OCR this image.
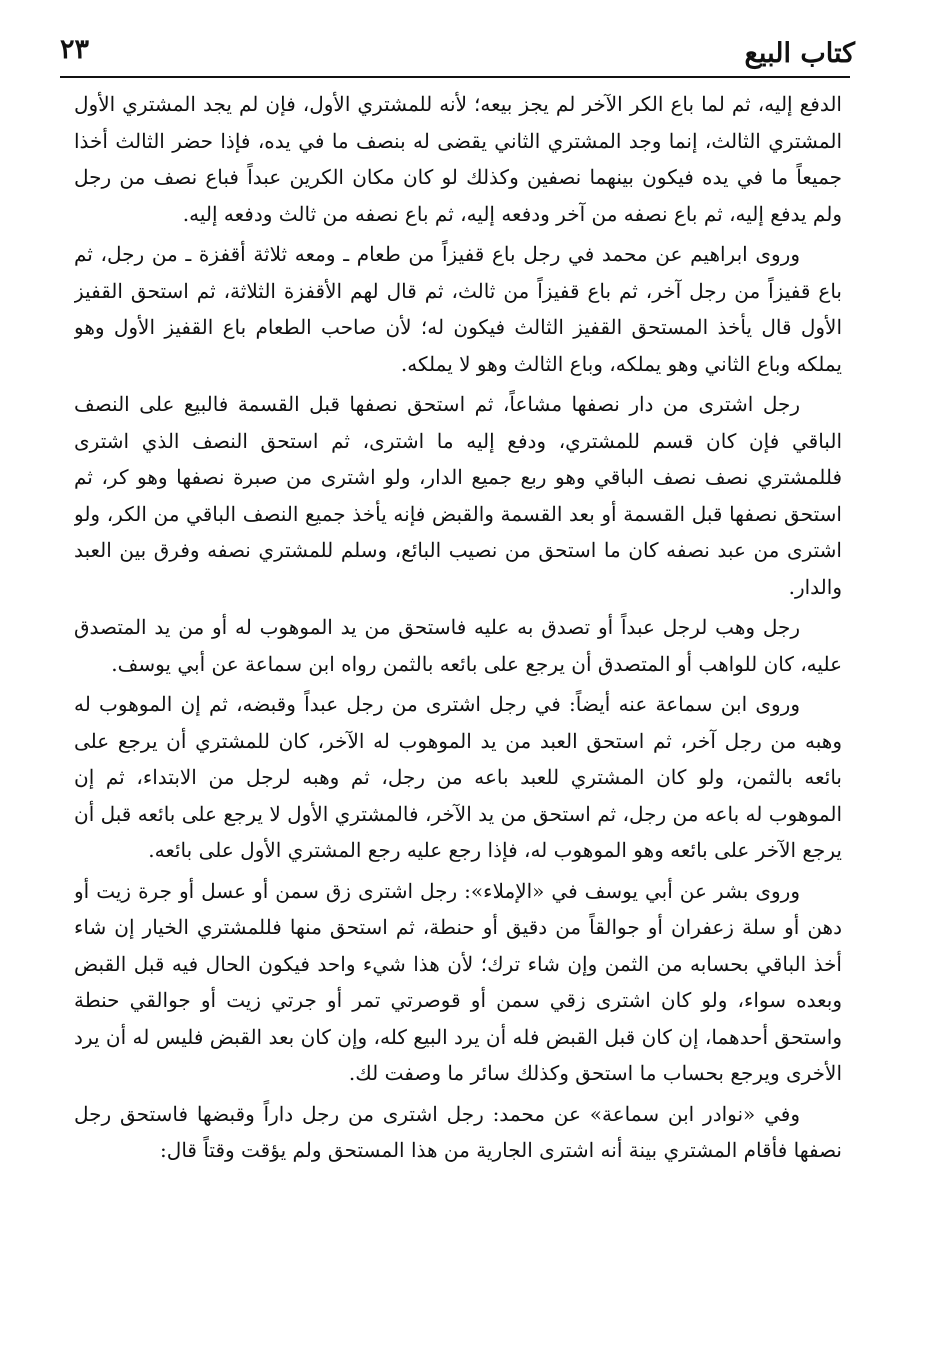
كتاب البيع
٢٣

الدفع إليه، ثم لما باع الكر الآخر لم يجز بيعه؛ لأنه للمشتري الأول، فإن لم يجد المشتري الأول المشتري الثالث، إنما وجد المشتري الثاني يقضى له بنصف ما في يده، فإذا حضر الثالث أخذا جميعاً ما في يده فيكون بينهما نصفين وكذلك لو كان مكان الكرين عبداً فباع نصف من رجل ولم يدفع إليه، ثم باع نصفه من آخر ودفعه إليه، ثم باع نصفه من ثالث ودفعه إليه.

وروى ابراهيم عن محمد في رجل باع قفيزاً من طعام ـ ومعه ثلاثة أقفزة ـ من رجل، ثم باع قفيزاً من رجل آخر، ثم باع قفيزاً من ثالث، ثم قال لهم الأقفزة الثلاثة، ثم استحق القفيز الأول قال يأخذ المستحق القفيز الثالث فيكون له؛ لأن صاحب الطعام باع القفيز الأول وهو يملكه وباع الثاني وهو يملكه، وباع الثالث وهو لا يملكه.

رجل اشترى من دار نصفها مشاعاً، ثم استحق نصفها قبل القسمة فالبيع على النصف الباقي فإن كان قسم للمشتري، ودفع إليه ما اشترى، ثم استحق النصف الذي اشترى فللمشتري نصف نصف الباقي وهو ربع جميع الدار، ولو اشترى من صبرة نصفها وهو كر، ثم استحق نصفها قبل القسمة أو بعد القسمة والقبض فإنه يأخذ جميع النصف الباقي من الكر، ولو اشترى من عبد نصفه كان ما استحق من نصيب البائع، وسلم للمشتري نصفه وفرق بين العبد والدار.

رجل وهب لرجل عبداً أو تصدق به عليه فاستحق من يد الموهوب له أو من يد المتصدق عليه، كان للواهب أو المتصدق أن يرجع على بائعه بالثمن رواه ابن سماعة عن أبي يوسف.

وروى ابن سماعة عنه أيضاً: في رجل اشترى من رجل عبداً وقبضه، ثم إن الموهوب له وهبه من رجل آخر، ثم استحق العبد من يد الموهوب له الآخر، كان للمشتري أن يرجع على بائعه بالثمن، ولو كان المشتري للعبد باعه من رجل، ثم وهبه لرجل من الابتداء، ثم إن الموهوب له باعه من رجل، ثم استحق من يد الآخر، فالمشتري الأول لا يرجع على بائعه قبل أن يرجع الآخر على بائعه وهو الموهوب له، فإذا رجع عليه رجع المشتري الأول على بائعه.

وروى بشر عن أبي يوسف في «الإملاء»: رجل اشترى زق سمن أو عسل أو جرة زيت أو دهن أو سلة زعفران أو جوالقاً من دقيق أو حنطة، ثم استحق منها فللمشتري الخيار إن شاء أخذ الباقي بحسابه من الثمن وإن شاء ترك؛ لأن هذا شيء واحد فيكون الحال فيه قبل القبض وبعده سواء، ولو كان اشترى زقي سمن أو قوصرتي تمر أو جرتي زيت أو جوالقي حنطة واستحق أحدهما، إن كان قبل القبض فله أن يرد البيع كله، وإن كان بعد القبض فليس له أن يرد الأخرى ويرجع بحساب ما استحق وكذلك سائر ما وصفت لك.

وفي «نوادر ابن سماعة» عن محمد: رجل اشترى من رجل داراً وقبضها فاستحق رجل نصفها فأقام المشتري بينة أنه اشترى الجارية من هذا المستحق ولم يؤقت وقتاً قال:
